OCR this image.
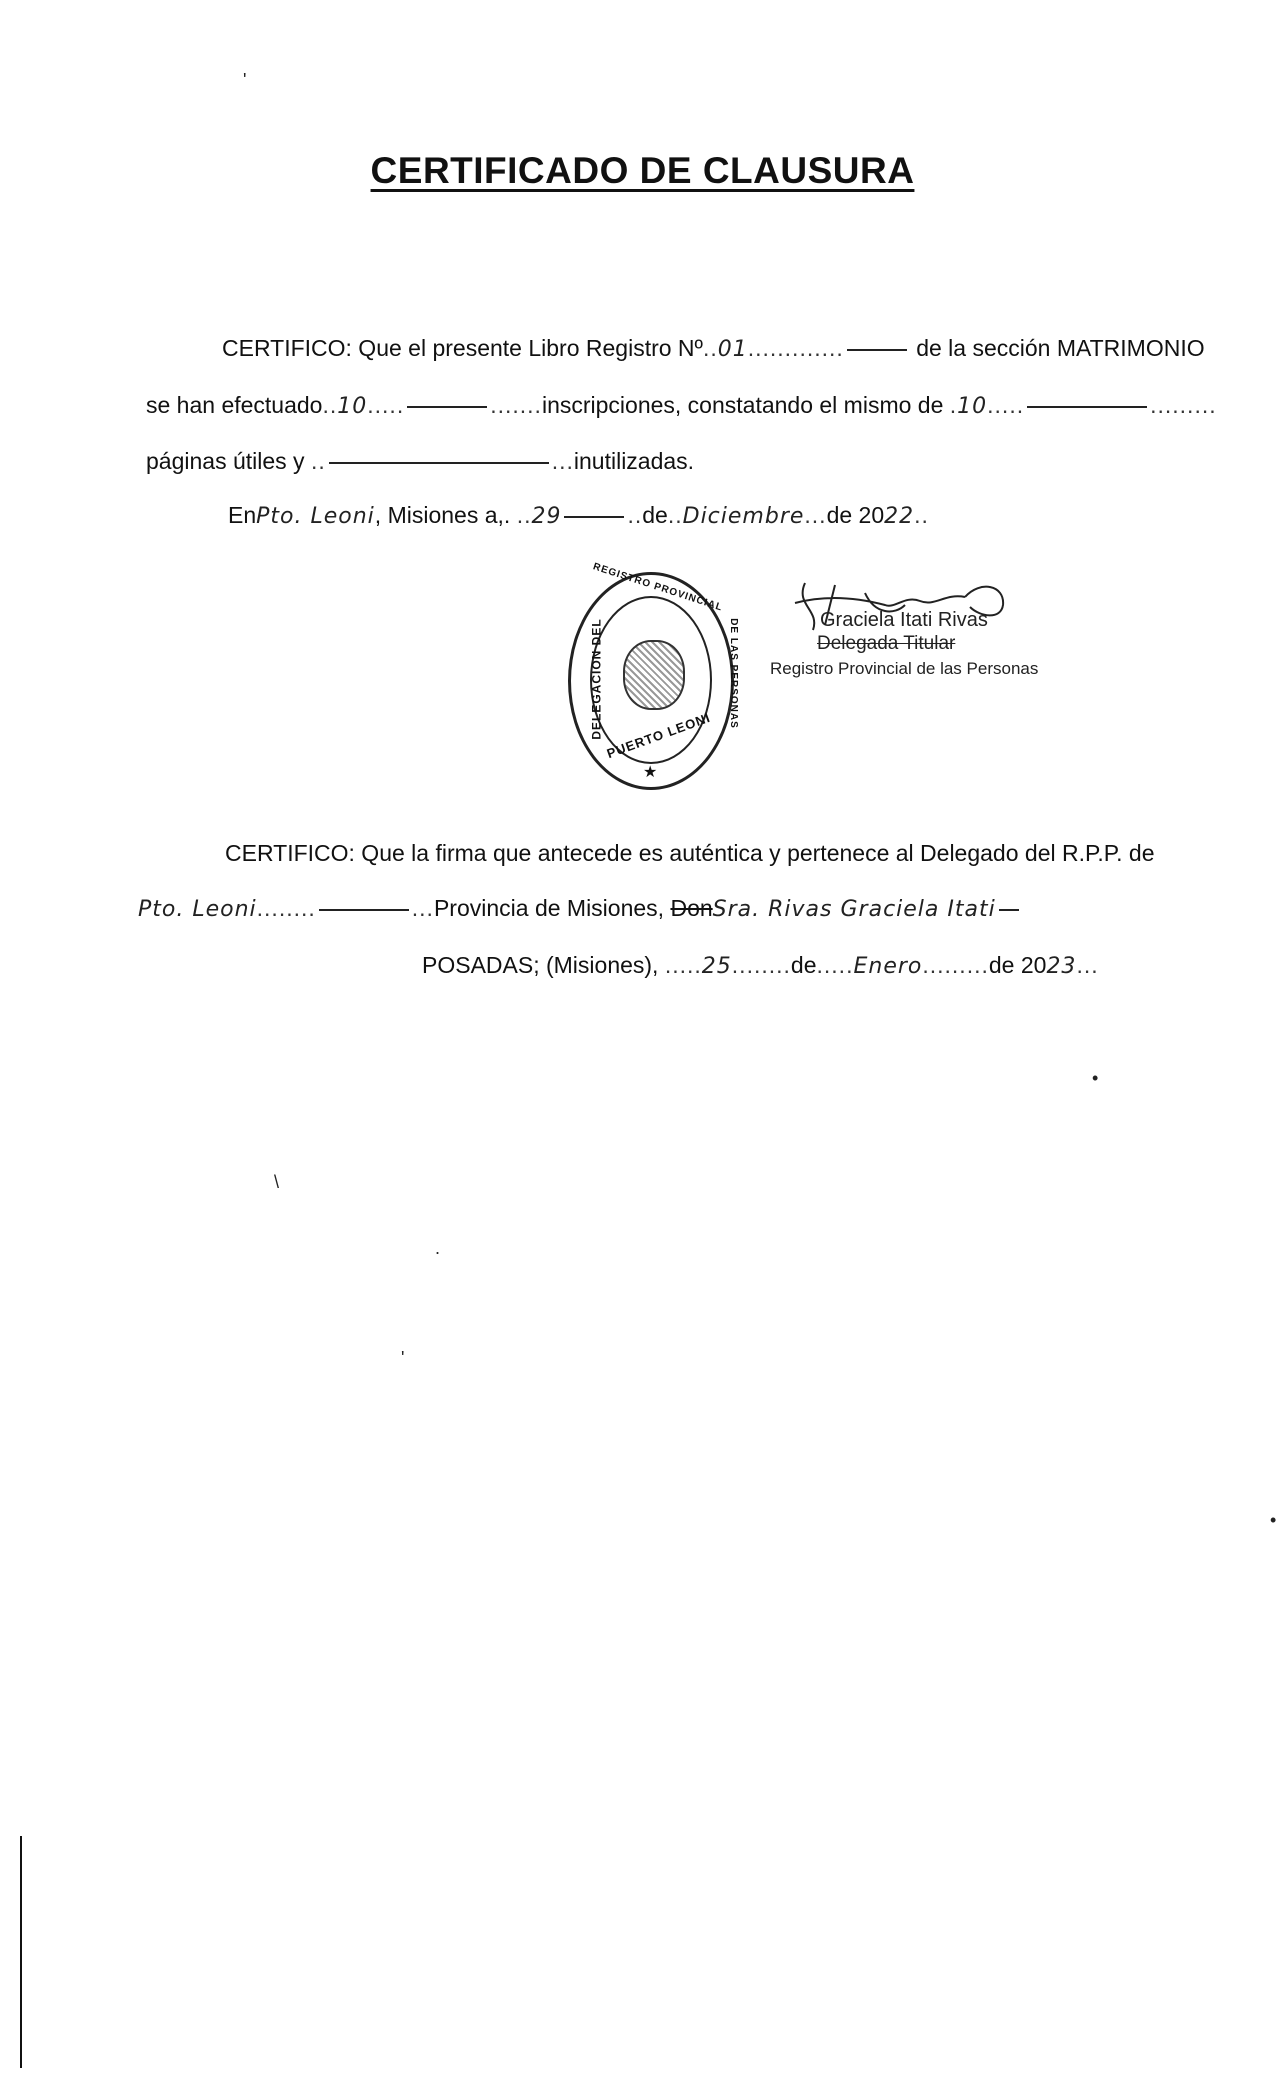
CERTIFICADO DE CLAUSURA
CERTIFICO: Que el presente Libro Registro Nº..01.............	de la sección MATRIMONIO
se han efectuado..10.....	.......inscripciones, constatando el mismo de .10.....	.........
páginas útiles y ..	...inutilizadas.
EnPto. Leoni, Misiones a,. ..29	..de..Diciembre...de 2022..
DELEGACION DEL
REGISTRO PROVINCIAL
DE LAS PERSONAS
PUERTO LEONI
★
Graciela Itati Rivas
Delegada Titular
Registro Provincial de las Personas
CERTIFICO: Que la firma que antecede es auténtica y pertenece al Delegado del R.P.P. de
Pto. Leoni........	...Provincia de Misiones, DonSra. Rivas Graciela Itati
POSADAS; (Misiones), .....25........de.....Enero.........de 2023...
'
•
\
.
'
•
